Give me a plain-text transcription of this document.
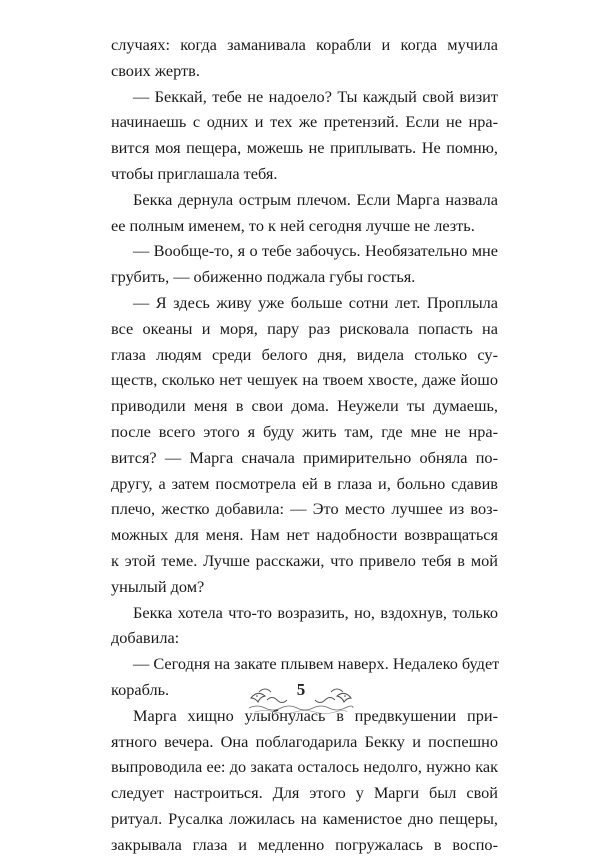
случаях: когда заманивала корабли и когда мучила
своих жертв.
— Беккай, тебе не надоело? Ты каждый свой визит
начинаешь с одних и тех же претензий. Если не нра-
вится моя пещера, можешь не приплывать. Не помню,
чтобы приглашала тебя.
Бекка дернула острым плечом. Если Марга назвала
ее полным именем, то к ней сегодня лучше не лезть.
— Вообще-то, я о тебе забочусь. Необязательно мне
грубить, — обиженно поджала губы гостья.
— Я здесь живу уже больше сотни лет. Проплыла
все океаны и моря, пару раз рисковала попасть на
глаза людям среди белого дня, видела столько су-
ществ, сколько нет чешуек на твоем хвосте, даже йошо
приводили меня в свои дома. Неужели ты думаешь,
после всего этого я буду жить там, где мне не нра-
вится? — Марга сначала примирительно обняла по-
другу, а затем посмотрела ей в глаза и, больно сдавив
плечо, жестко добавила: — Это место лучшее из воз-
можных для меня. Нам нет надобности возвращаться
к этой теме. Лучше расскажи, что привело тебя в мой
унылый дом?
Бекка хотела что-то возразить, но, вздохнув, только
добавила:
— Сегодня на закате плывем наверх. Недалеко будет
корабль.
Марга хищно улыбнулась в предвкушении при-
ятного вечера. Она поблагодарила Бекку и поспешно
выпроводила ее: до заката осталось недолго, нужно как
следует настроиться. Для этого у Марги был свой
ритуал. Русалка ложилась на каменистое дно пещеры,
закрывала глаза и медленно погружалась в воспо-
5
